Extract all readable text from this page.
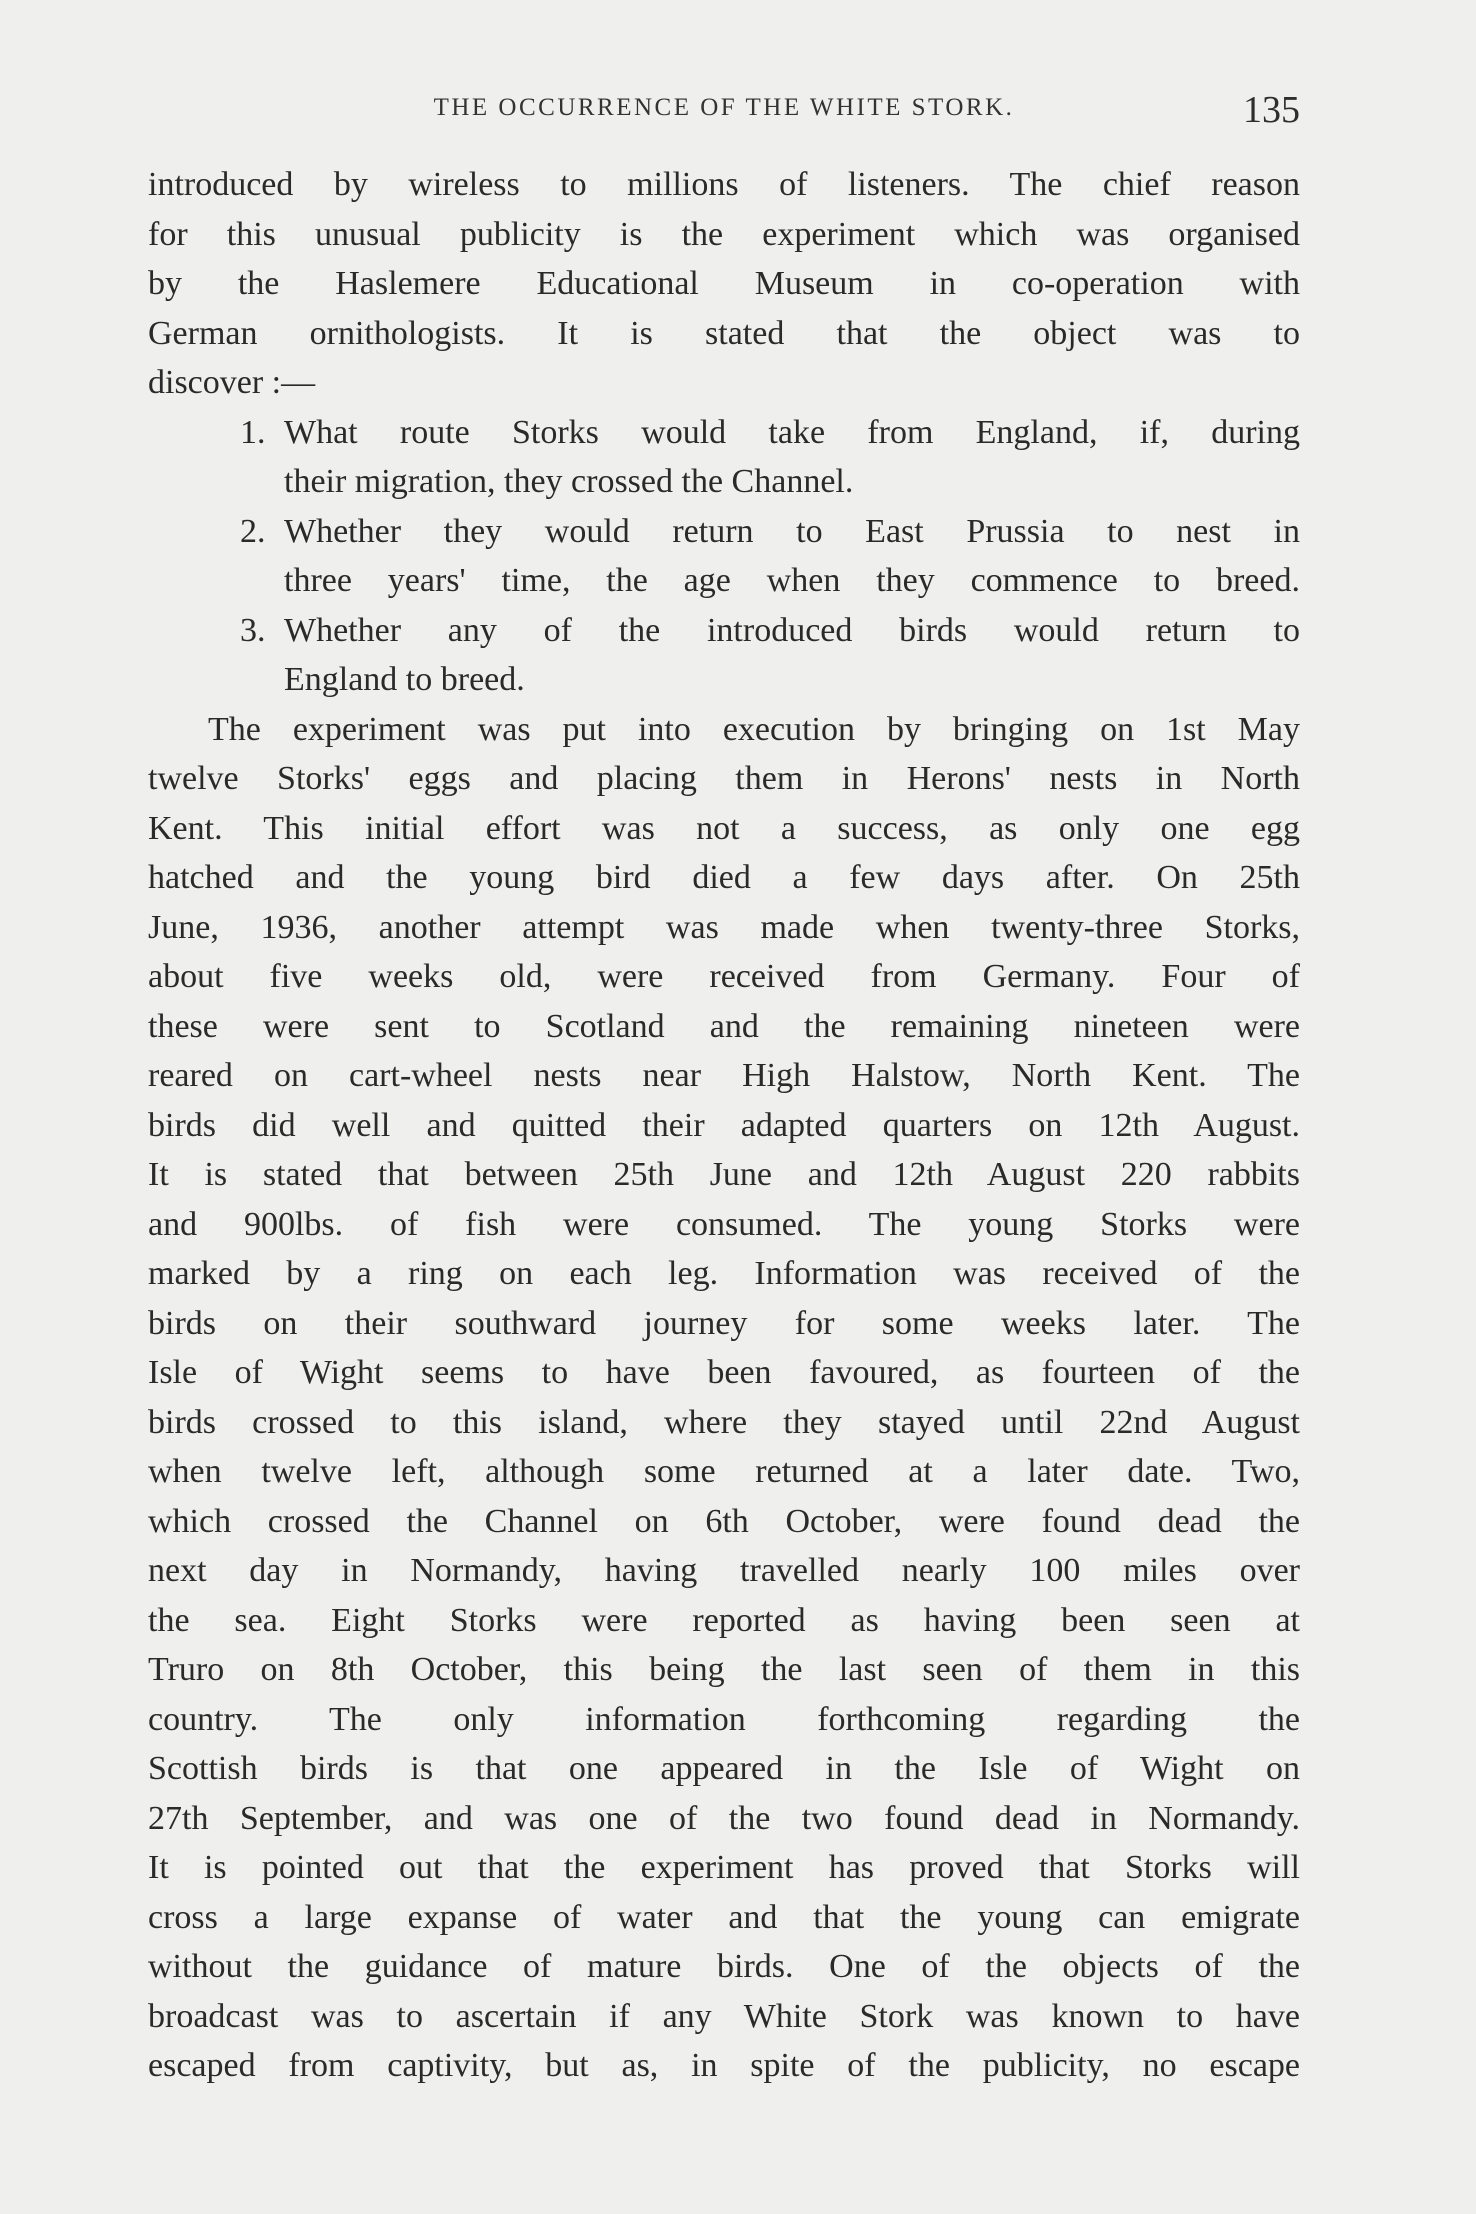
THE OCCURRENCE OF THE WHITE STORK.	135
introduced by wireless to millions of listeners. The chief reason
for this unusual publicity is the experiment which was organised
by the Haslemere Educational Museum in co-operation with
German ornithologists. It is stated that the object was to
discover :—
1. What route Storks would take from England, if, during
their migration, they crossed the Channel.
2. Whether they would return to East Prussia to nest in
three years' time, the age when they commence to breed.
3. Whether any of the introduced birds would return to
England to breed.
The experiment was put into execution by bringing on 1st May
twelve Storks' eggs and placing them in Herons' nests in North
Kent. This initial effort was not a success, as only one egg
hatched and the young bird died a few days after. On 25th
June, 1936, another attempt was made when twenty-three Storks,
about five weeks old, were received from Germany. Four of
these were sent to Scotland and the remaining nineteen were
reared on cart-wheel nests near High Halstow, North Kent. The
birds did well and quitted their adapted quarters on 12th August.
It is stated that between 25th June and 12th August 220 rabbits
and 900lbs. of fish were consumed. The young Storks were
marked by a ring on each leg. Information was received of the
birds on their southward journey for some weeks later. The
Isle of Wight seems to have been favoured, as fourteen of the
birds crossed to this island, where they stayed until 22nd August
when twelve left, although some returned at a later date. Two,
which crossed the Channel on 6th October, were found dead the
next day in Normandy, having travelled nearly 100 miles over
the sea. Eight Storks were reported as having been seen at
Truro on 8th October, this being the last seen of them in this
country. The only information forthcoming regarding the
Scottish birds is that one appeared in the Isle of Wight on
27th September, and was one of the two found dead in Normandy.
It is pointed out that the experiment has proved that Storks will
cross a large expanse of water and that the young can emigrate
without the guidance of mature birds. One of the objects of the
broadcast was to ascertain if any White Stork was known to have
escaped from captivity, but as, in spite of the publicity, no escape
